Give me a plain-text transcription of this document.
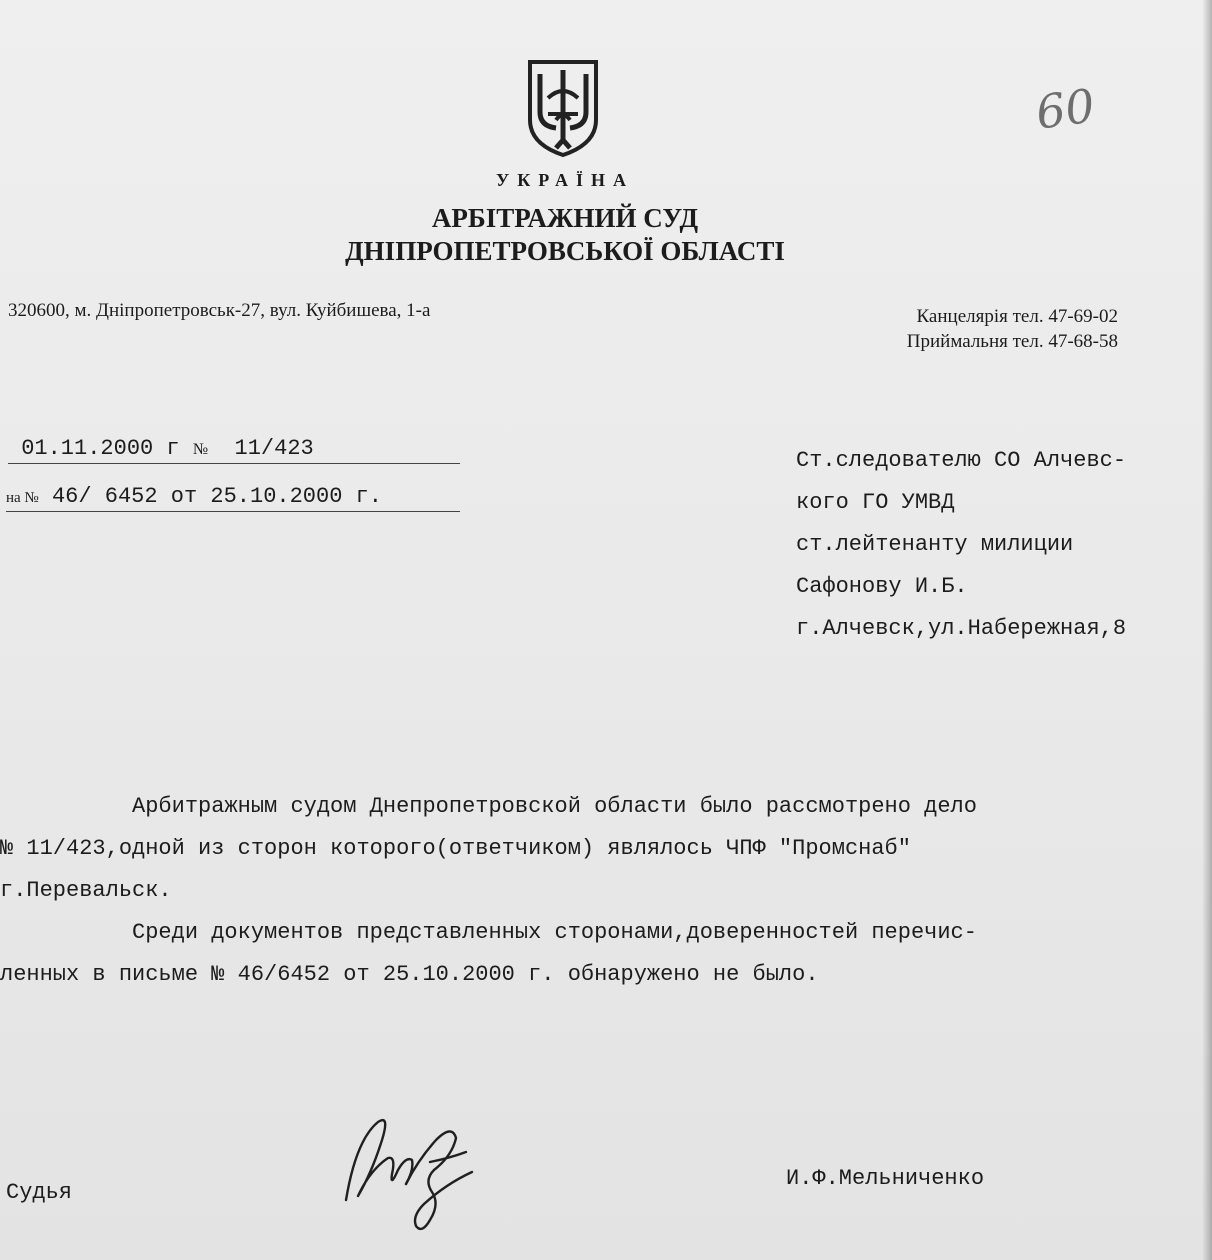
60
УКРАЇНА
АРБІТРАЖНИЙ СУД
ДНІПРОПЕТРОВСЬКОЇ ОБЛАСТІ
320600, м. Дніпропетровськ-27, вул. Куйбишева, 1-а	Канцелярія тел. 47-69-02
Приймальня тел. 47-68-58
01.11.2000 г № 11/423
на № 46/ 6452 от 25.10.2000 г.
Ст.следователю СО Алчевс-
кого ГО УМВД
ст.лейтенанту милиции
Сафонову И.Б.
г.Алчевск,ул.Набережная,8
Арбитражным судом Днепропетровской области было рассмотрено дело
№ 11/423,одной из сторон которого(ответчиком) являлось ЧПФ "Промснаб"
г.Перевальск.
Среди документов представленных сторонами,доверенностей перечис-
ленных в письме № 46/6452 от 25.10.2000 г. обнаружено не было.
Судья
И.Ф.Мельниченко
